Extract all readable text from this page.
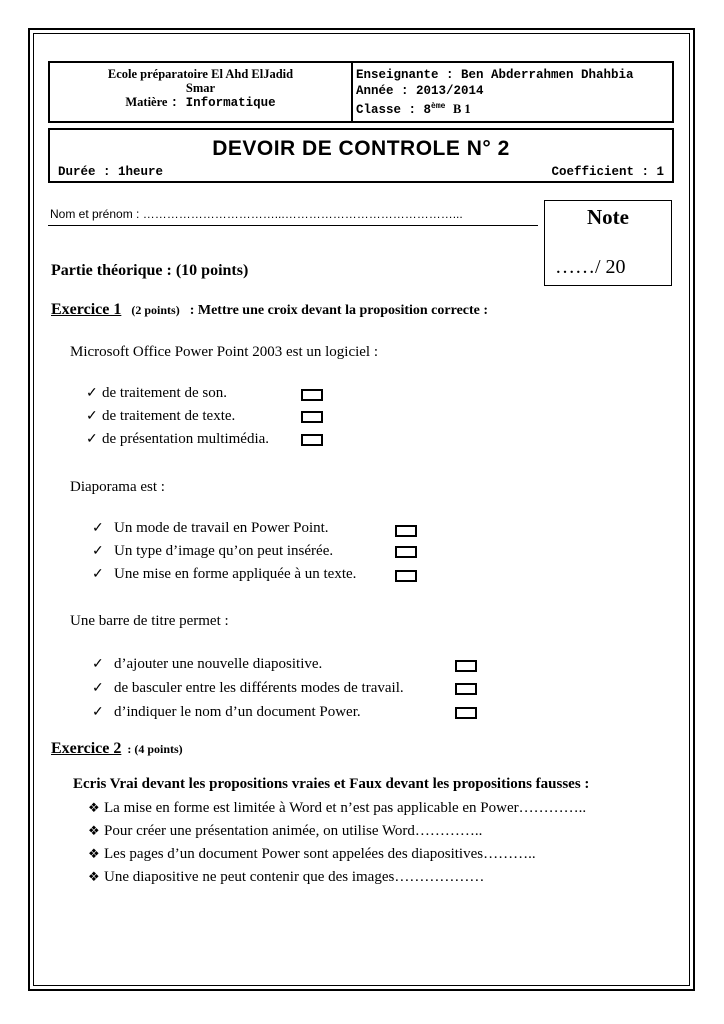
Ecole préparatoire El Ahd ElJadid
Smar
Matière : Informatique
Enseignante : Ben Abderrahmen Dhahbia
Année : 2013/2014
Classe : 8ème B 1
DEVOIR DE CONTROLE N° 2
Durée : 1heure	Coefficient : 1
Nom et prénom : ……………………………...……………………………………...	Note
……/ 20
Partie théorique : (10 points)
Exercice 1 (2 points) : Mettre une croix devant la proposition correcte :
Microsoft Office Power Point 2003 est un logiciel :
✓ de traitement de son.
✓ de traitement de texte.
✓ de présentation multimédia.
Diaporama est :
✓ Un mode de travail en Power Point.
✓ Un type d’image qu’on peut insérée.
✓ Une mise en forme appliquée à un texte.
Une barre de titre permet :
✓ d’ajouter une nouvelle diapositive.
✓ de basculer entre les différents modes de travail.
✓ d’indiquer le nom d’un document Power.
Exercice 2 : (4 points)
Ecris Vrai devant les propositions vraies et Faux devant les propositions fausses :
❖ La mise en forme est limitée à Word et n’est pas applicable en Power…………..
❖ Pour créer une présentation animée, on utilise Word…………..
❖ Les pages d’un document Power sont appelées des diapositives………..
❖ Une diapositive ne peut contenir que des images………………
